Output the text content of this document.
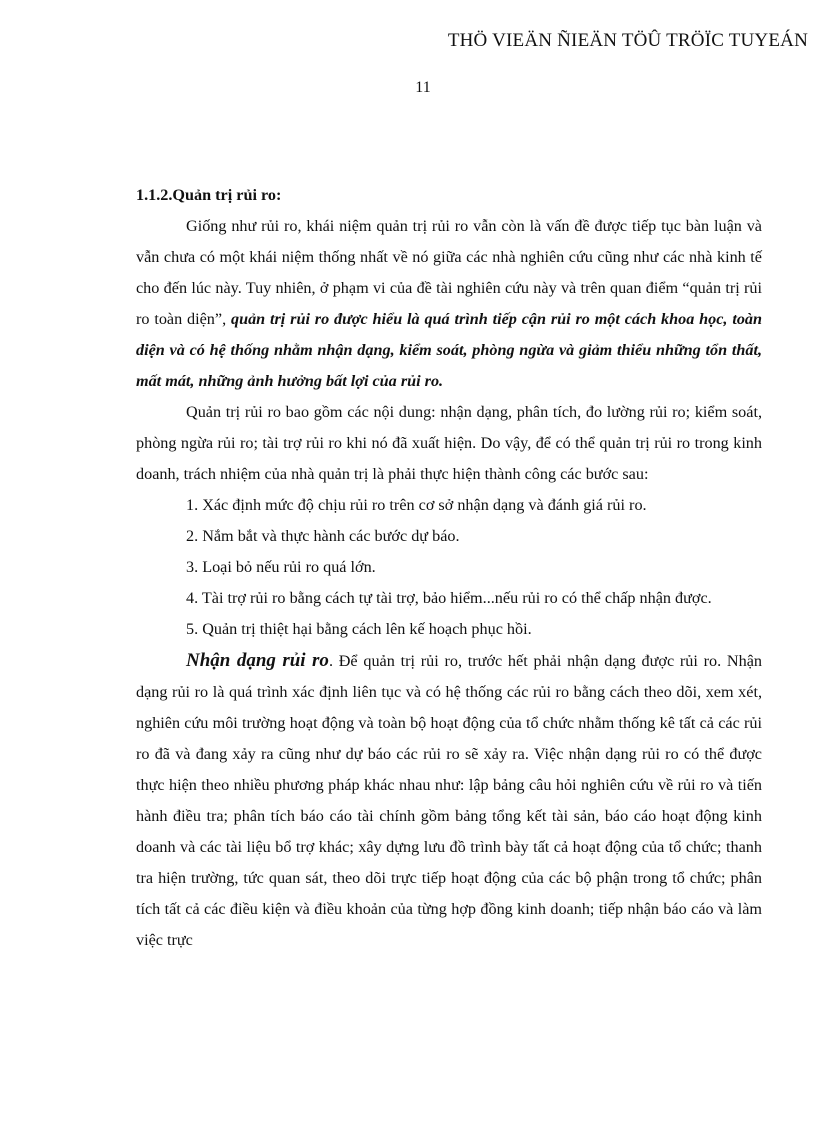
THÖ VIEÄN ÑIEÄN TÖÛ TRÖÏC TUYEÁN
11
1.1.2.Quản trị rủi ro:

Giống như rủi ro, khái niệm quản trị rủi ro vẫn còn là vấn đề được tiếp tục bàn luận và vẫn chưa có một khái niệm thống nhất về nó giữa các nhà nghiên cứu cũng như các nhà kinh tế cho đến lúc này. Tuy nhiên, ở phạm vi của đề tài nghiên cứu này và trên quan điểm “quản trị rủi ro toàn diện”, quản trị rủi ro được hiểu là quá trình tiếp cận rủi ro một cách khoa học, toàn diện và có hệ thống nhằm nhận dạng, kiểm soát, phòng ngừa và giảm thiểu những tổn thất, mất mát, những ảnh hưởng bất lợi của rủi ro.

Quản trị rủi ro bao gồm các nội dung: nhận dạng, phân tích, đo lường rủi ro; kiểm soát, phòng ngừa rủi ro; tài trợ rủi ro khi nó đã xuất hiện. Do vậy, để có thể quản trị rủi ro trong kinh doanh, trách nhiệm của nhà quản trị là phải thực hiện thành công các bước sau:

1. Xác định mức độ chịu rủi ro trên cơ sở nhận dạng và đánh giá rủi ro.

2. Nắm bắt và thực hành các bước dự báo.

3. Loại bỏ nếu rủi ro quá lớn.

4. Tài trợ rủi ro bằng cách tự tài trợ, bảo hiểm...nếu rủi ro có thể chấp nhận được.

5. Quản trị thiệt hại bằng cách lên kế hoạch phục hồi.

Nhận dạng rủi ro. Để quản trị rủi ro, trước hết phải nhận dạng được rủi ro. Nhận dạng rủi ro là quá trình xác định liên tục và có hệ thống các rủi ro bằng cách theo dõi, xem xét, nghiên cứu môi trường hoạt động và toàn bộ hoạt động của tổ chức nhằm thống kê tất cả các rủi ro đã và đang xảy ra cũng như dự báo các rủi ro sẽ xảy ra. Việc nhận dạng rủi ro có thể được thực hiện theo nhiều phương pháp khác nhau như: lập bảng câu hỏi nghiên cứu về rủi ro và tiến hành điều tra; phân tích báo cáo tài chính gồm bảng tổng kết tài sản, báo cáo hoạt động kinh doanh và các tài liệu bổ trợ khác; xây dựng lưu đồ trình bày tất cả hoạt động của tổ chức; thanh tra hiện trường, tức quan sát, theo dõi trực tiếp hoạt động của các bộ phận trong tổ chức; phân tích tất cả các điều kiện và điều khoản của từng hợp đồng kinh doanh; tiếp nhận báo cáo và làm việc trực
